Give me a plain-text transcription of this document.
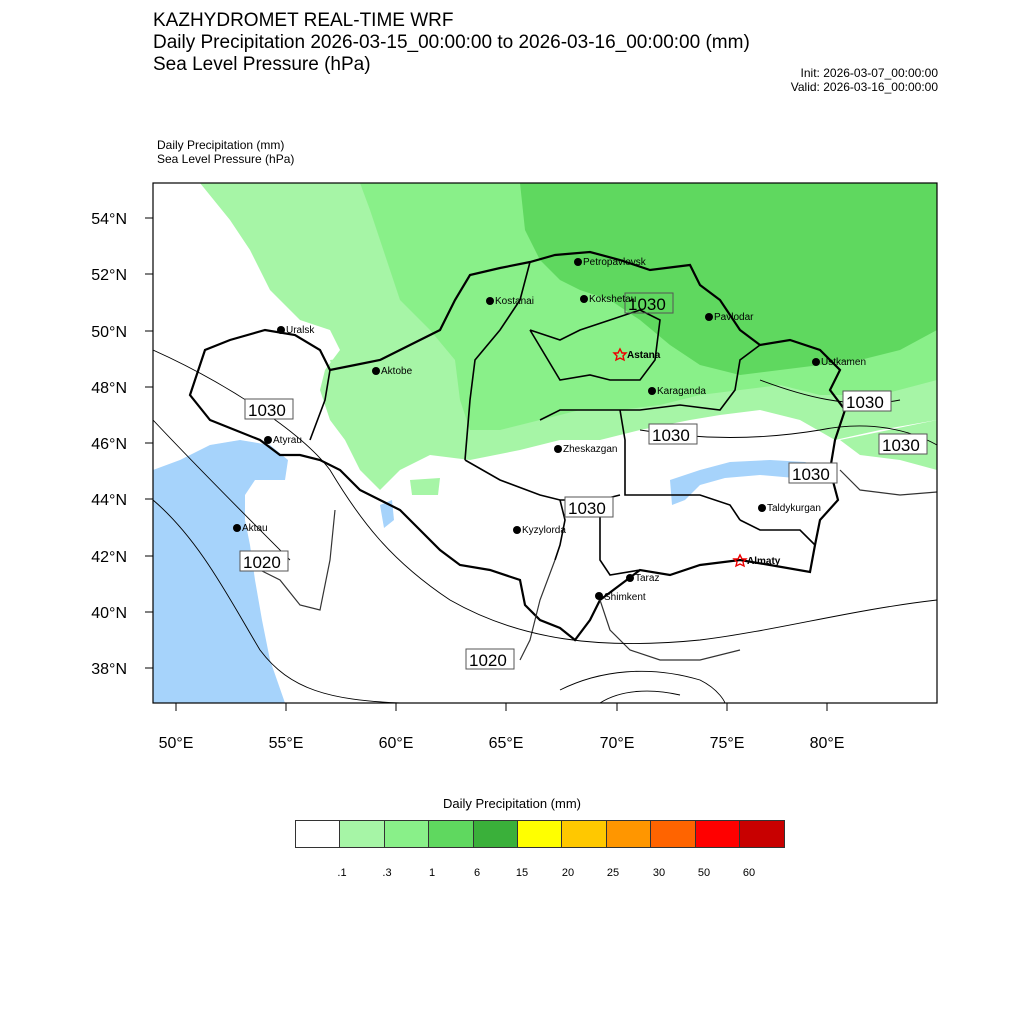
KAZHYDROMET REAL-TIME WRF
Daily Precipitation 2026-03-15_00:00:00 to 2026-03-16_00:00:00 (mm)
Sea Level Pressure (hPa)	Init: 2026-03-07_00:00:00
Valid: 2026-03-16_00:00:00
Daily Precipitation (mm)
Sea Level Pressure (hPa)
1030
1030
1030
1030
1030
1030
1030
1020
1020
54°N
52°N
50°N
48°N
46°N
44°N
42°N
40°N
38°N
50°E	55°E	60°E	65°E	70°E	75°E	80°E
Petropavlovsk
Kostanai	Kokshetau
Uralsk
Pavlodar
Astana
Aktobe
Ustkamen
Karaganda
Atyrau
Zheskazgan
Aktau	Kyzylorda
Taldykurgan
Almaty
Taraz
Shimkent
Daily Precipitation (mm)
.1	.3	1	6	15	20	25	30	50	60
